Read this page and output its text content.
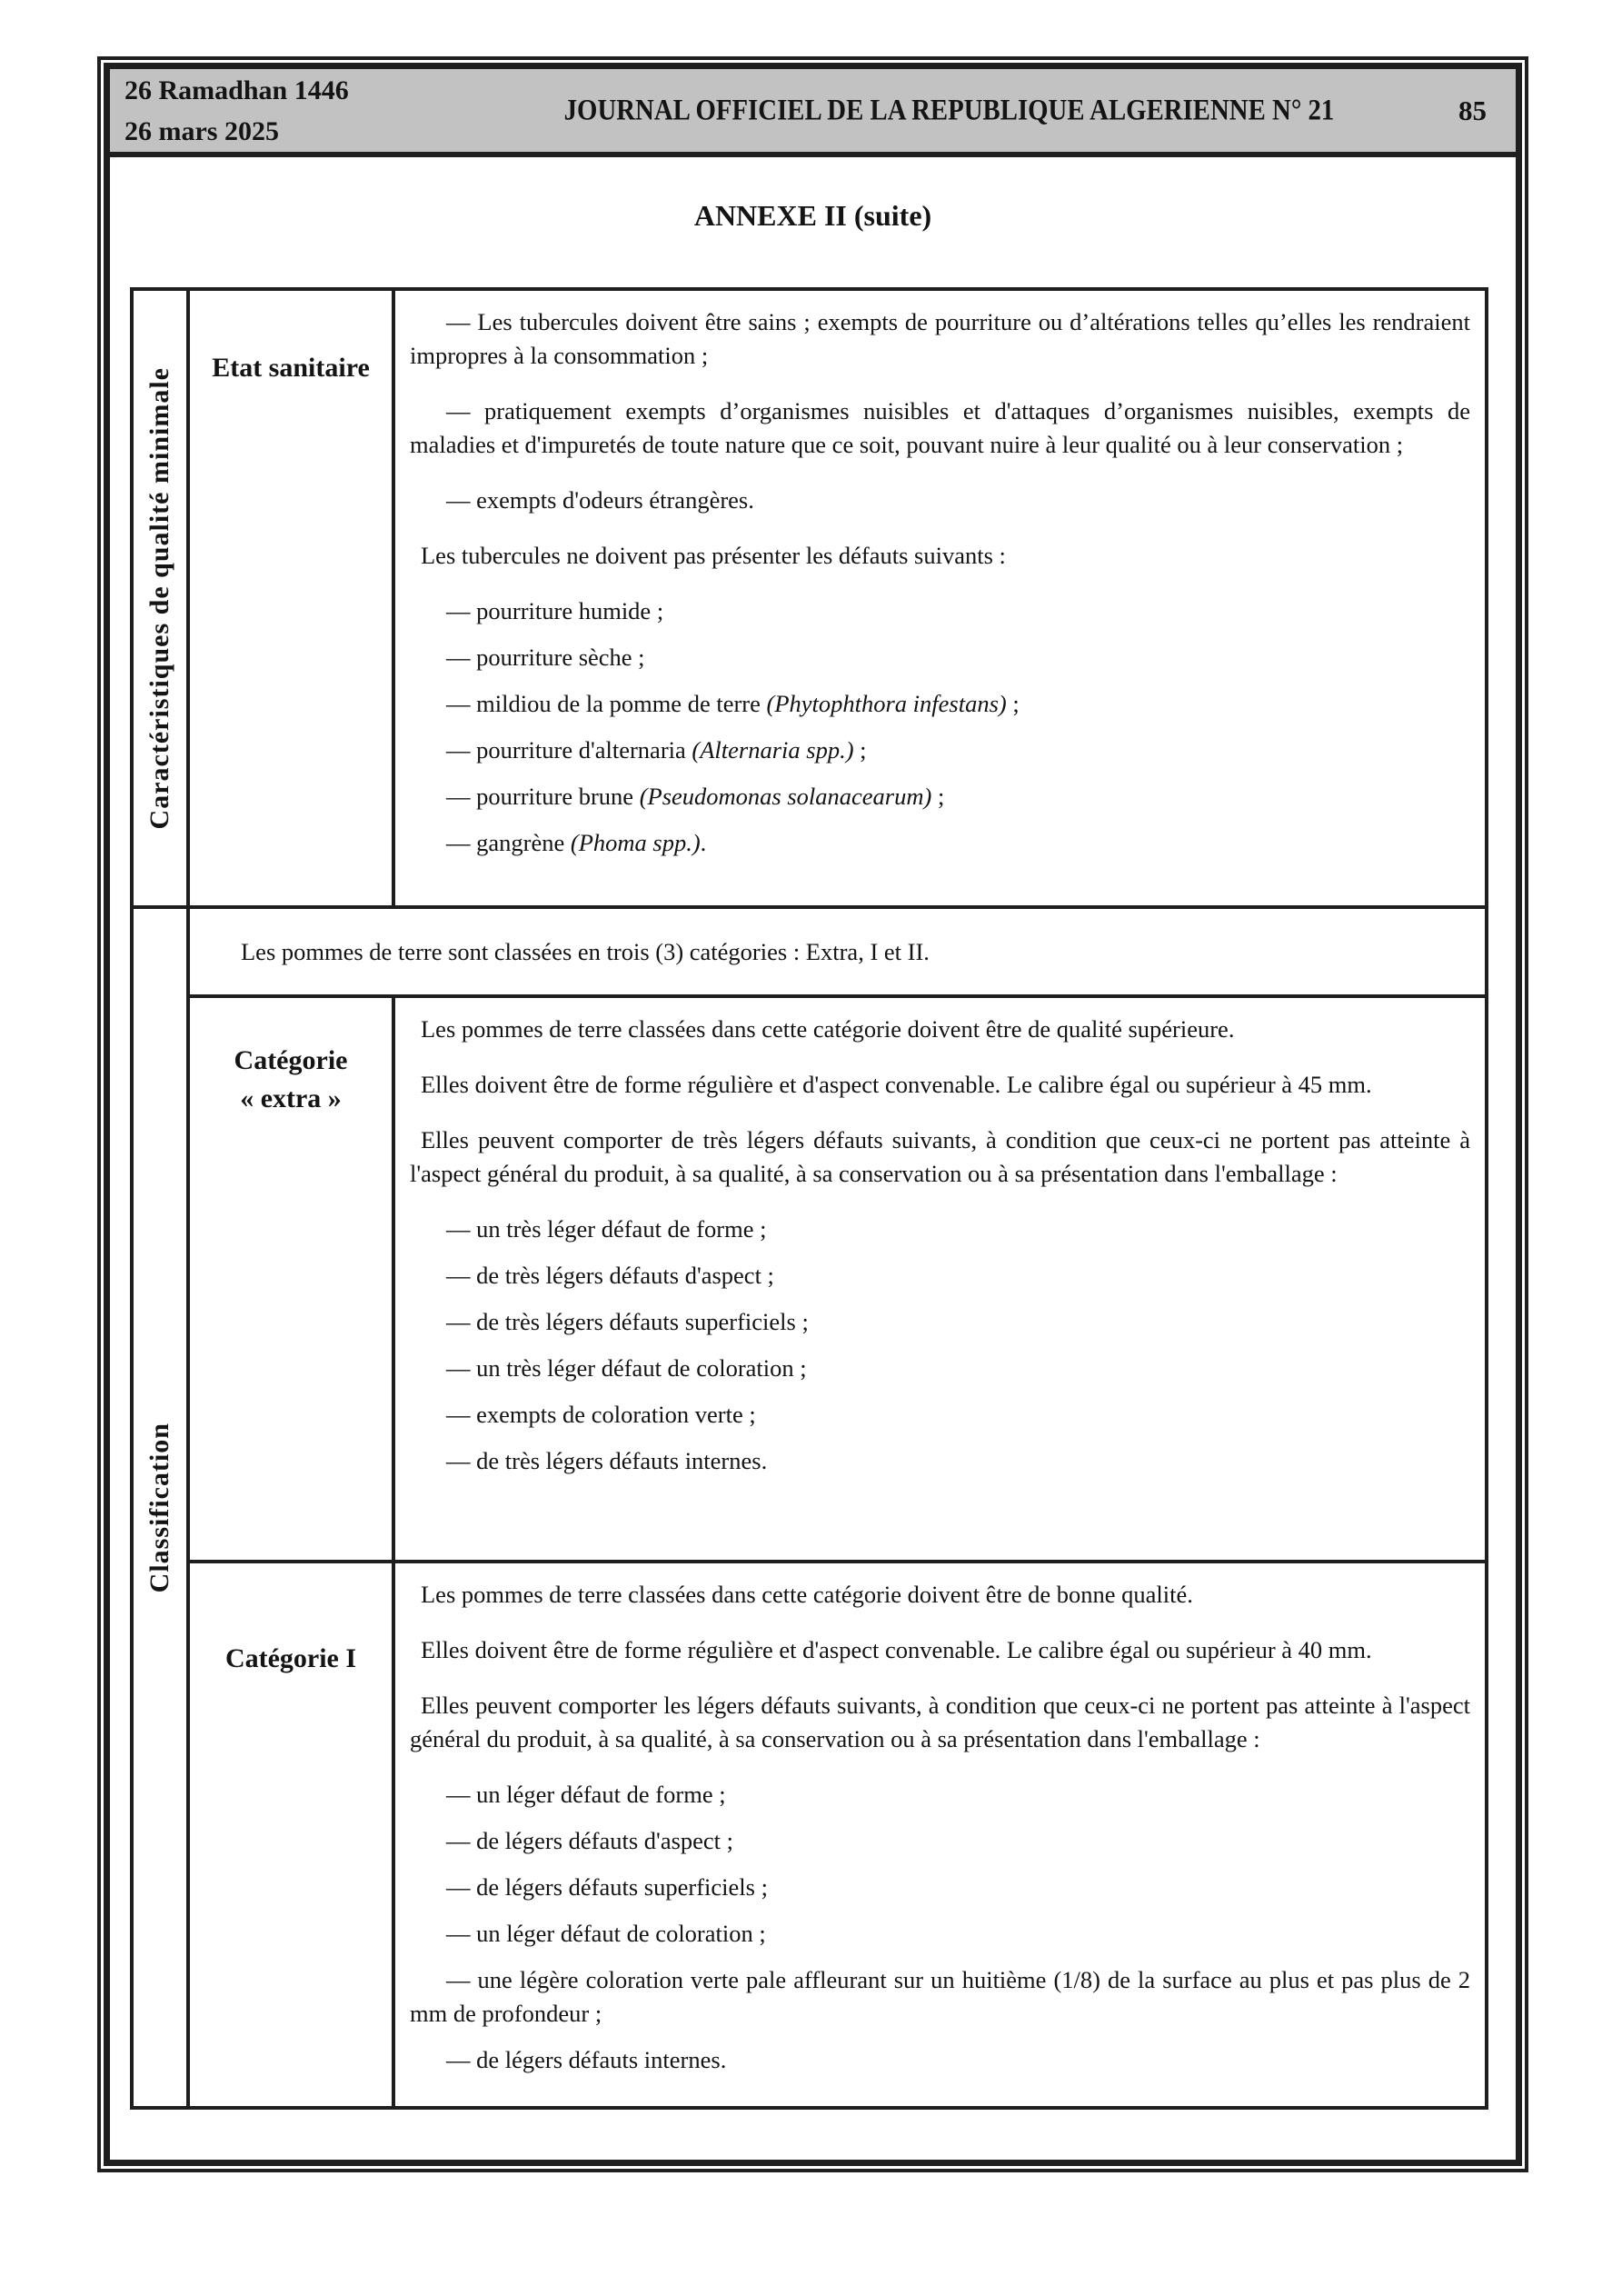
26 Ramadhan 1446
26 mars 2025
JOURNAL OFFICIEL DE LA REPUBLIQUE ALGERIENNE N° 21	85
ANNEXE II (suite)
Caractéristiques de qualité minimale	Etat sanitaire
— Les tubercules doivent être sains ; exempts de pourriture ou d’altérations telles qu’elles les rendraient impropres à la consommation ;
— pratiquement exempts d’organismes nuisibles et d'attaques d’organismes nuisibles, exempts de maladies et d'impuretés de toute nature que ce soit, pouvant nuire à leur qualité ou à leur conservation ;
— exempts d'odeurs étrangères.
Les tubercules ne doivent pas présenter les défauts suivants :
— pourriture humide ;
— pourriture sèche ;
— mildiou de la pomme de terre (Phytophthora infestans) ;
— pourriture d'alternaria (Alternaria spp.) ;
— pourriture brune (Pseudomonas solanacearum) ;
— gangrène (Phoma spp.).
Classification
Les pommes de terre sont classées en trois (3) catégories : Extra, I et II.
Catégorie
« extra »
Les pommes de terre classées dans cette catégorie doivent être de qualité supérieure.
Elles doivent être de forme régulière et d'aspect convenable. Le calibre égal ou supérieur à 45 mm.
Elles peuvent comporter de très légers défauts suivants, à condition que ceux-ci ne portent pas atteinte à l'aspect général du produit, à sa qualité, à sa conservation ou à sa présentation dans l'emballage :
— un très léger défaut de forme ;
— de très légers défauts d'aspect ;
— de très légers défauts superficiels ;
— un très léger défaut de coloration ;
— exempts de coloration verte ;
— de très légers défauts internes.
Catégorie I
Les pommes de terre classées dans cette catégorie doivent être de bonne qualité.
Elles doivent être de forme régulière et d'aspect convenable. Le calibre égal ou supérieur à 40 mm.
Elles peuvent comporter les légers défauts suivants, à condition que ceux-ci ne portent pas atteinte à l'aspect général du produit, à sa qualité, à sa conservation ou à sa présentation dans l'emballage :
— un léger défaut de forme ;
— de légers défauts d'aspect ;
— de légers défauts superficiels ;
— un léger défaut de coloration ;
— une légère coloration verte pale affleurant sur un huitième (1/8) de la surface au plus et pas plus de 2 mm de profondeur ;
— de légers défauts internes.
